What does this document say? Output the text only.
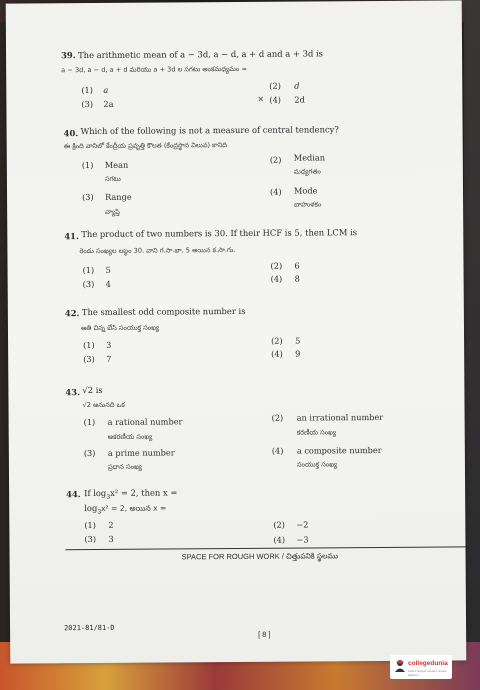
39. The arithmetic mean of a − 3d, a − d, a + d and a + 3d is
a − 3d, a − d, a + d మరియు a + 3d ల సగటు అంకమధ్యమం =
(1) a	(2) d
(3) 2a	✕ (4) 2d
40. Which of the following is not a measure of central tendency?
ఈ క్రింది వానిలో కేంద్రీయ ప్రవృత్తి కొలత (కేంద్రస్థాన విలువ) కానిది
(1) Mean
సగటు
(2) Median
మధ్యగతం
(3) Range
వ్యాప్తి
(4) Mode
బాహుళకం
41. The product of two numbers is 30. If their HCF is 5, then LCM is
రెండు సంఖ్యల లబ్ధం 30. వాని గ.సా.భా. 5 అయిన క.సా.గు.
(1) 5	(2) 6
(3) 4
(4) 8
42. The smallest odd composite number is
అతి చిన్న బేసి సంయుక్త సంఖ్య
(1) 3	(2) 5
(3) 7
(4) 9
43. √2 is
√2 అనునది ఒక
(1) a rational number
అకరణీయ సంఖ్య
(2) an irrational number
కరణీయ సంఖ్య
(3) a prime number
ప్రధాన సంఖ్య
(4) a composite number
సంయుక్త సంఖ్య
44. If $\log_3x^2 = 2$, then x =
$\log_3x^2 = 2$, అయిన x =
(1) 2	(2) −2
(3) 3	(4) −3
SPACE FOR ROUGH WORK / చిత్తుపనికి స్థలము
2021-81/81-D
[ 8 ]
collegedunia
india's largest student review platform
